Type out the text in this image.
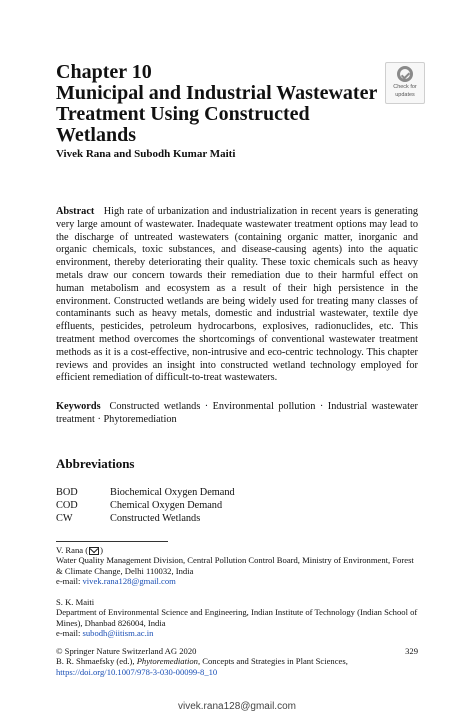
Chapter 10
Municipal and Industrial Wastewater
Treatment Using Constructed Wetlands
Check for
updates
Vivek Rana and Subodh Kumar Maiti
Abstract High rate of urbanization and industrialization in recent years is generating very large amount of wastewater. Inadequate wastewater treatment options may lead to the discharge of untreated wastewaters (containing organic matter, inorganic and organic chemicals, toxic substances, and disease-causing agents) into the aquatic environment, thereby deteriorating their quality. These toxic chemicals such as heavy metals draw our concern towards their remediation due to their harmful effect on human metabolism and ecosystem as a result of their high persistence in the environment. Constructed wetlands are being widely used for treating many classes of contaminants such as heavy metals, domestic and industrial wastewater, textile dye effluents, pesticides, petroleum hydrocarbons, explosives, radionuclides, etc. This treatment method overcomes the shortcomings of conventional wastewater treatment methods as it is a cost-effective, non-intrusive and eco-centric technology. This chapter reviews and provides an insight into constructed wetland technology employed for efficient remediation of difficult-to-treat wastewaters.
Keywords Constructed wetlands · Environmental pollution · Industrial wastewater treatment · Phytoremediation
Abbreviations
BOD	Biochemical Oxygen Demand
COD	Chemical Oxygen Demand
CW	Constructed Wetlands
V. Rana ( )
Water Quality Management Division, Central Pollution Control Board, Ministry of Environment, Forest & Climate Change, Delhi 110032, India
e-mail: vivek.rana128@gmail.com
S. K. Maiti
Department of Environmental Science and Engineering, Indian Institute of Technology (Indian School of Mines), Dhanbad 826004, India
e-mail: subodh@iitism.ac.in
© Springer Nature Switzerland AG 2020	329
B. R. Shmaefsky (ed.), Phytoremediation, Concepts and Strategies in Plant Sciences,
https://doi.org/10.1007/978-3-030-00099-8_10
vivek.rana128@gmail.com
